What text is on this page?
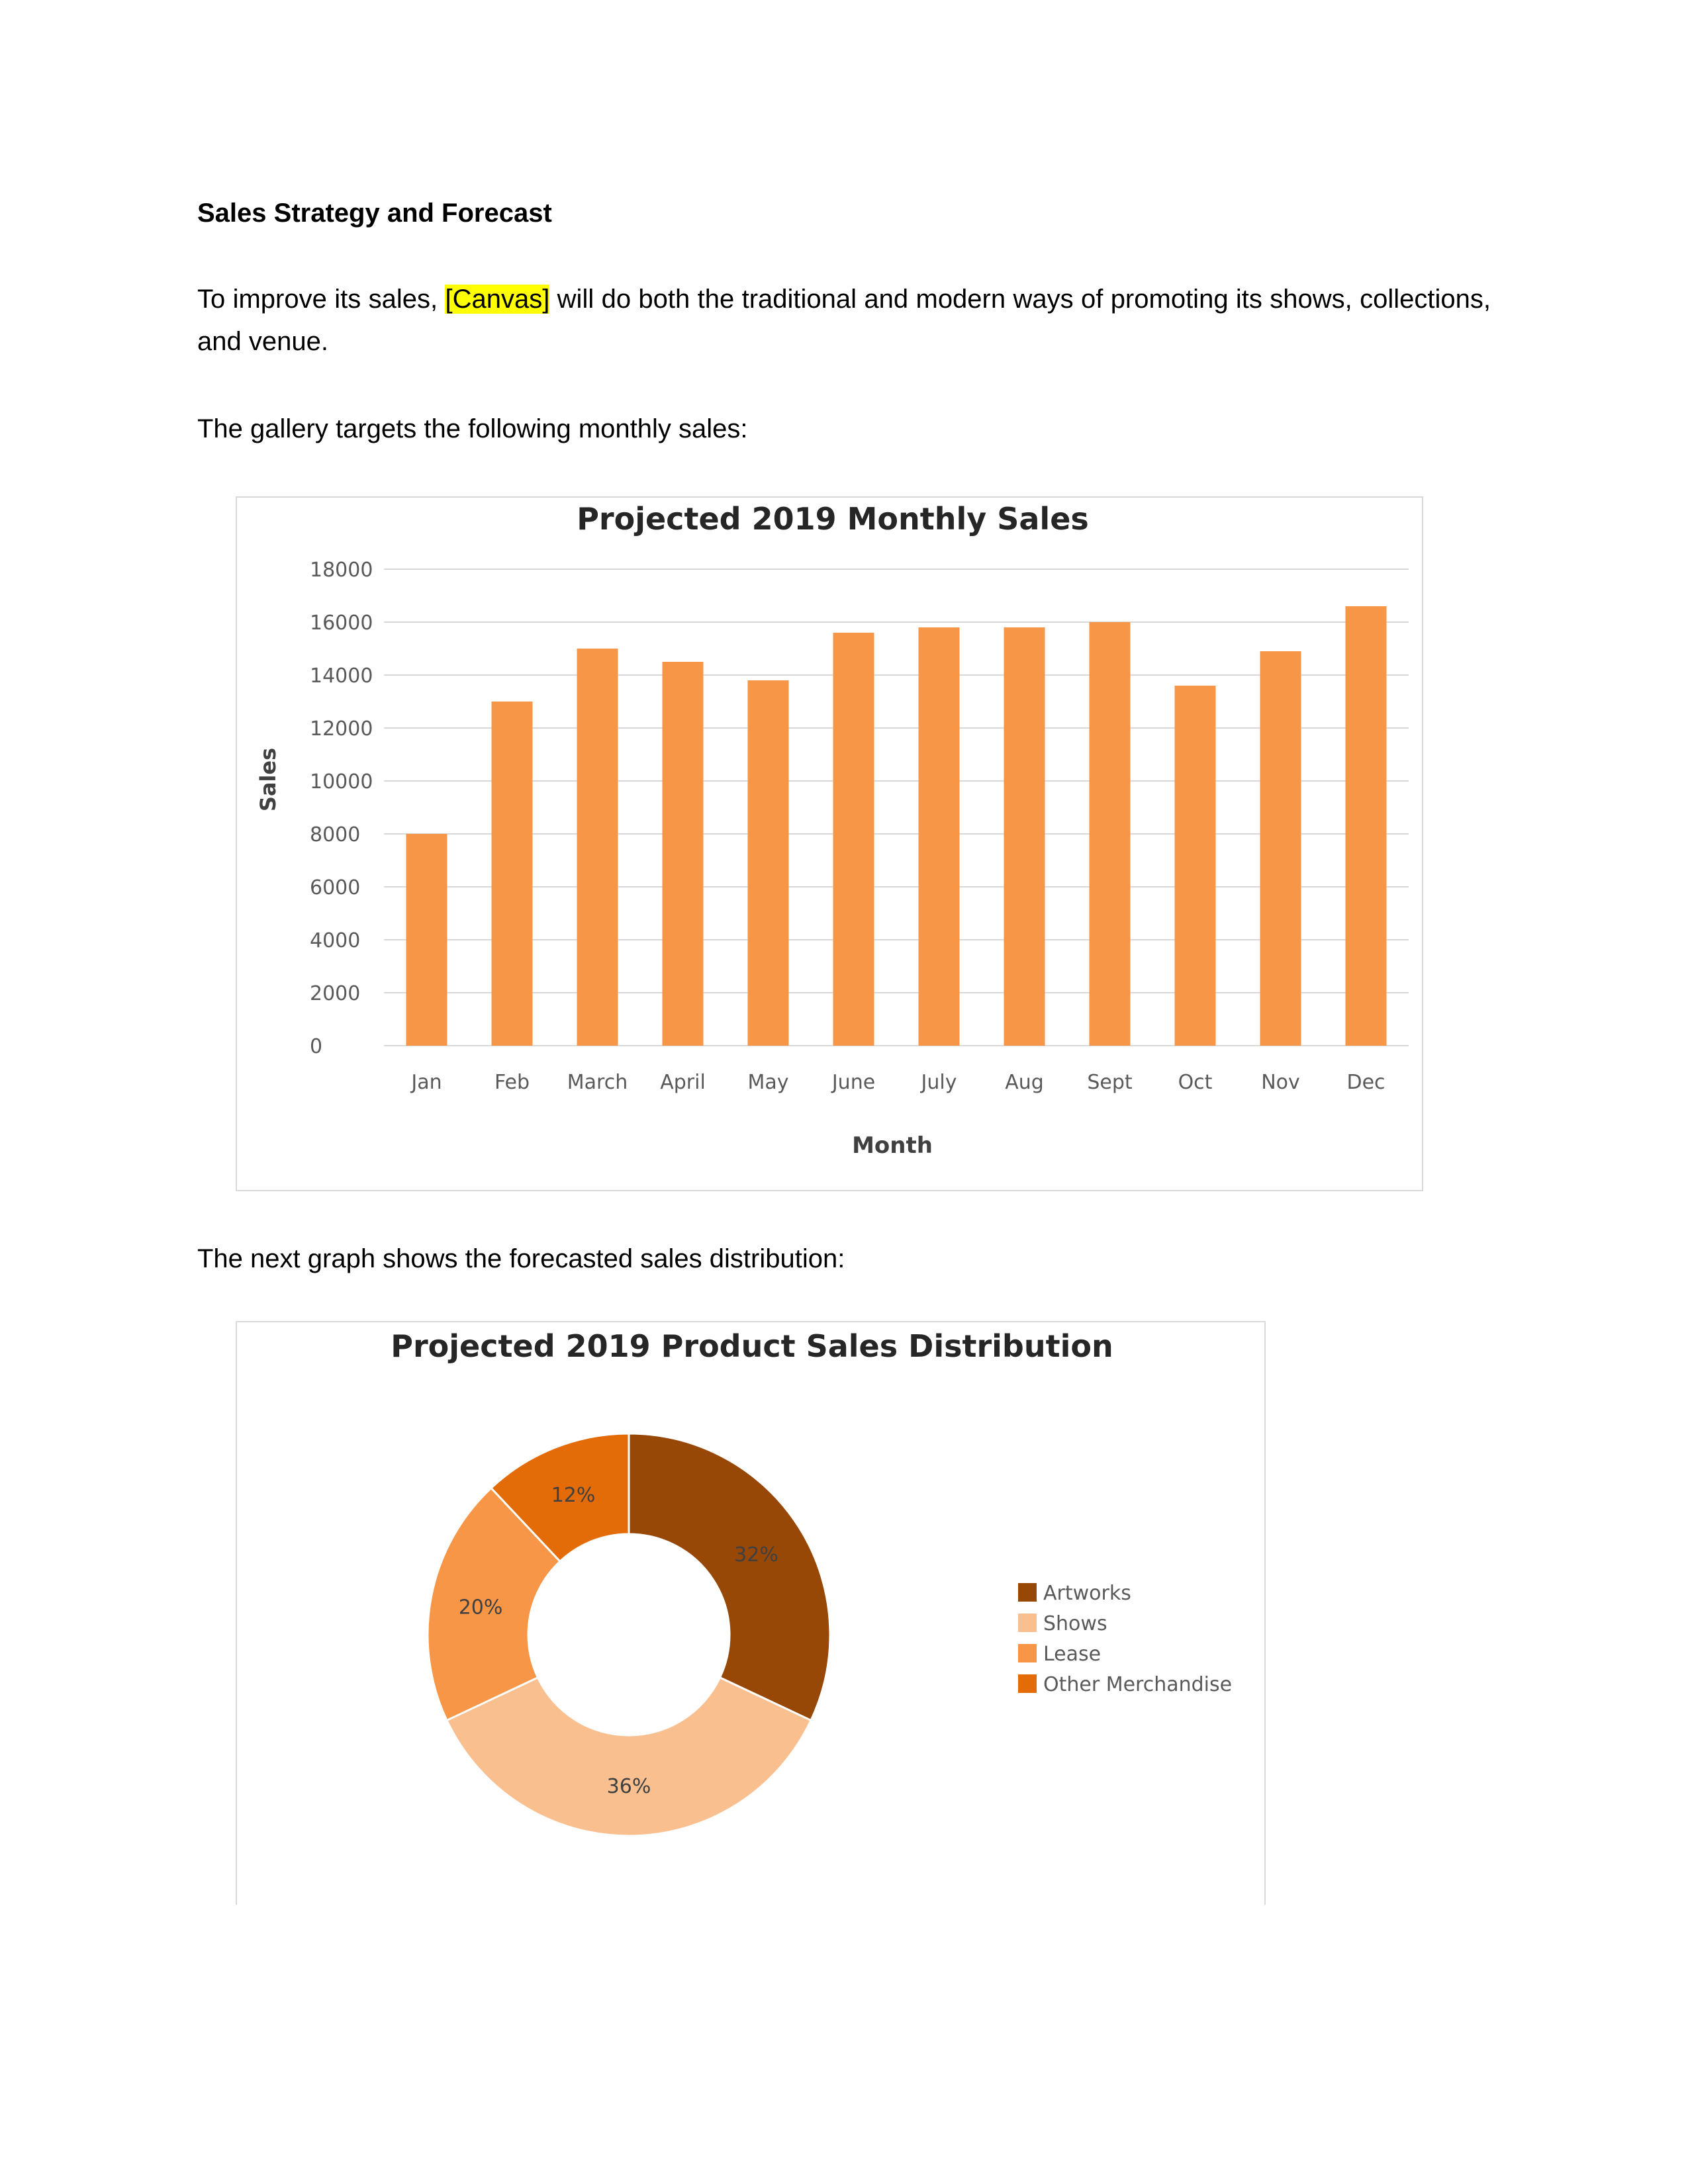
Sales Strategy and Forecast

To improve its sales, [Canvas] will do both the traditional and modern ways of promoting its shows, collections, and venue.

The gallery targets the following monthly sales:

Projected 2019 Monthly Sales
Sales
Month
0
2000
4000
6000
8000
10000
12000
14000
16000
18000
Jan	Feb March April May June July Aug Sept Oct Nov Dec

The next graph shows the forecasted sales distribution:

Projected 2019 Product Sales Distribution
32%
36%
20%
12%
Artworks
Shows
Lease
Other Merchandise
